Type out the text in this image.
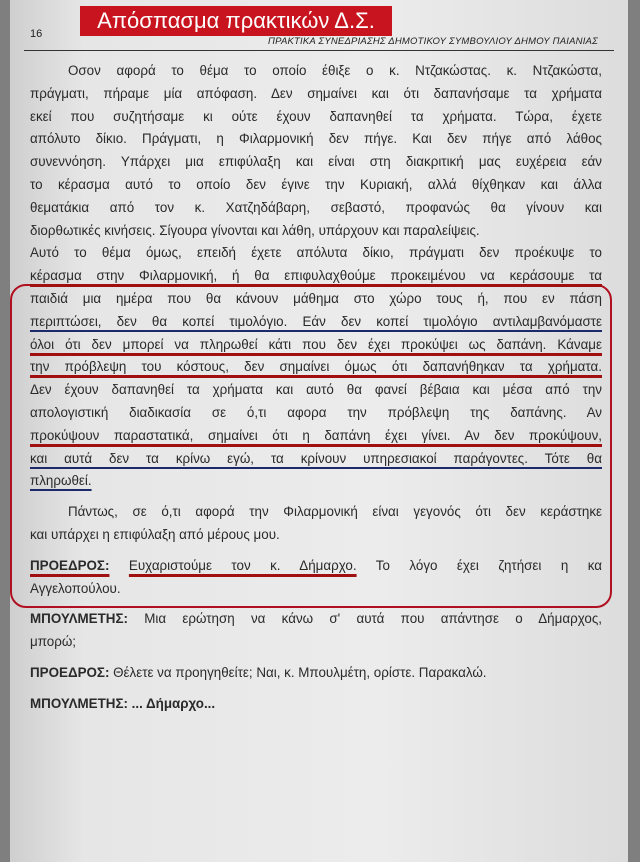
Απόσπασμα πρακτικών Δ.Σ.
16
ΠΡΑΚΤΙΚΑ ΣΥΝΕΔΡΙΑΣΗΣ ΔΗΜΟΤΙΚΟΥ ΣΥΜΒΟΥΛΙΟΥ ΔΗΜΟΥ ΠΑΙΑΝΙΑΣ
Οσον αφορά το θέμα το οποίο έθιξε ο κ. Ντζακώστας. κ. Ντζακώστα,
πράγματι, πήραμε μία απόφαση. Δεν σημαίνει και ότι δαπανήσαμε τα χρήματα
εκεί που συζητήσαμε κι ούτε έχουν δαπανηθεί τα χρήματα. Τώρα, έχετε
απόλυτο δίκιο. Πράγματι, η Φιλαρμονική δεν πήγε. Και δεν πήγε από λάθος
συνεννόηση. Υπάρχει μια επιφύλαξη και είναι στη διακριτική μας ευχέρεια εάν
το κέρασμα αυτό το οποίο δεν έγινε την Κυριακή, αλλά θίχθηκαν και άλλα
θεματάκια από τον κ. Χατζηδάβαρη, σεβαστό, προφανώς θα γίνουν και
διορθωτικές κινήσεις. Σίγουρα γίνονται και λάθη, υπάρχουν και παραλείψεις.
Αυτό το θέμα όμως, επειδή έχετε απόλυτα δίκιο, πράγματι δεν προέκυψε το
κέρασμα στην Φιλαρμονική, ή θα επιφυλαχθούμε προκειμένου να κεράσουμε τα
παιδιά μια ημέρα που θα κάνουν μάθημα στο χώρο τους ή, που εν πάση
περιπτώσει, δεν θα κοπεί τιμολόγιο. Εάν δεν κοπεί τιμολόγιο αντιλαμβανόμαστε
όλοι ότι δεν μπορεί να πληρωθεί κάτι που δεν έχει προκύψει ως δαπάνη. Κάναμε
την πρόβλεψη του κόστους, δεν σημαίνει όμως ότι δαπανήθηκαν τα χρήματα.
Δεν έχουν δαπανηθεί τα χρήματα και αυτό θα φανεί βέβαια και μέσα από την
απολογιστική διαδικασία σε ό,τι αφορα την πρόβλεψη της δαπάνης. Αν
προκύψουν παραστατικά, σημαίνει ότι η δαπάνη έχει γίνει. Αν δεν προκύψουν,
και αυτά δεν τα κρίνω εγώ, τα κρίνουν υπηρεσιακοί παράγοντες. Τότε θα
πληρωθεί.
Πάντως, σε ό,τι αφορά την Φιλαρμονική είναι γεγονός ότι δεν κεράστηκε
και υπάρχει η επιφύλαξη από μέρους μου.
ΠΡΟΕΔΡΟΣ: Ευχαριστούμε τον κ. Δήμαρχο. Το λόγο έχει ζητήσει η κα
Αγγελοπούλου.
ΜΠΟΥΛΜΕΤΗΣ: Μια ερώτηση να κάνω σ' αυτά που απάντησε ο Δήμαρχος,
μπορώ;
ΠΡΟΕΔΡΟΣ: Θέλετε να προηγηθείτε; Ναι, κ. Μπουλμέτη, ορίστε. Παρακαλώ.
ΜΠΟΥΛΜΕΤΗΣ: ... Δήμαρχο...
